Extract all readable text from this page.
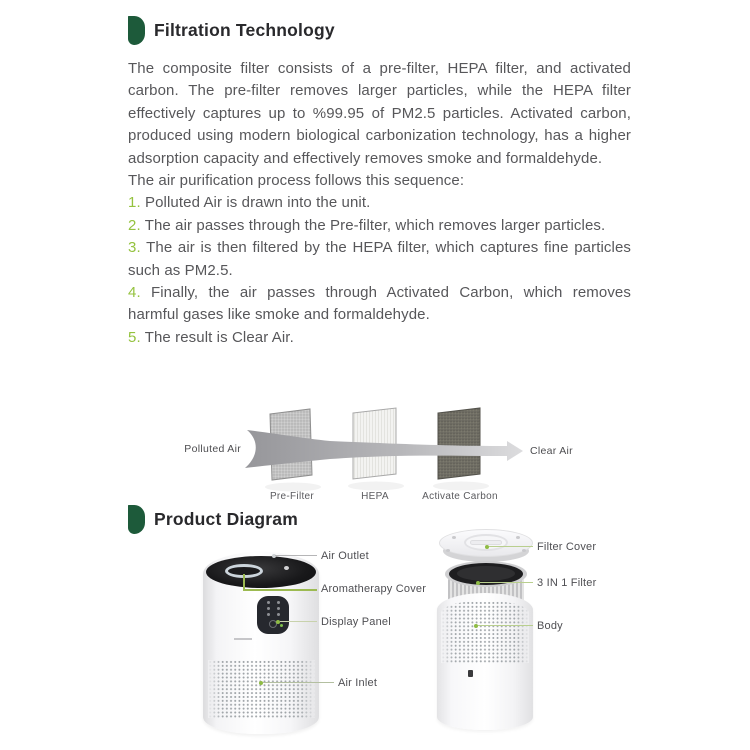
Filtration Technology

The composite filter consists of a pre-filter, HEPA filter, and activated carbon. The pre-filter removes larger particles, while the HEPA filter effectively captures up to %99.95 of PM2.5 particles. Activated carbon, produced using modern biological carbonization technology, has a higher adsorption capacity and effectively removes smoke and formaldehyde.

The air purification process follows this sequence:

1. Polluted Air is drawn into the unit.

2. The air passes through the Pre-filter, which removes larger particles.

3. The air is then filtered by the HEPA filter, which captures fine particles such as PM2.5.

4. Finally, the air passes through Activated Carbon, which removes harmful gases like smoke and formaldehyde.

5. The result is Clear Air.

Polluted Air	Clear Air
Pre-Filter	HEPA	Activate Carbon
Product Diagram
Air Outlet
Aromatherapy Cover
Display Panel
Air Inlet
Filter Cover
3 IN 1 Filter
Body
